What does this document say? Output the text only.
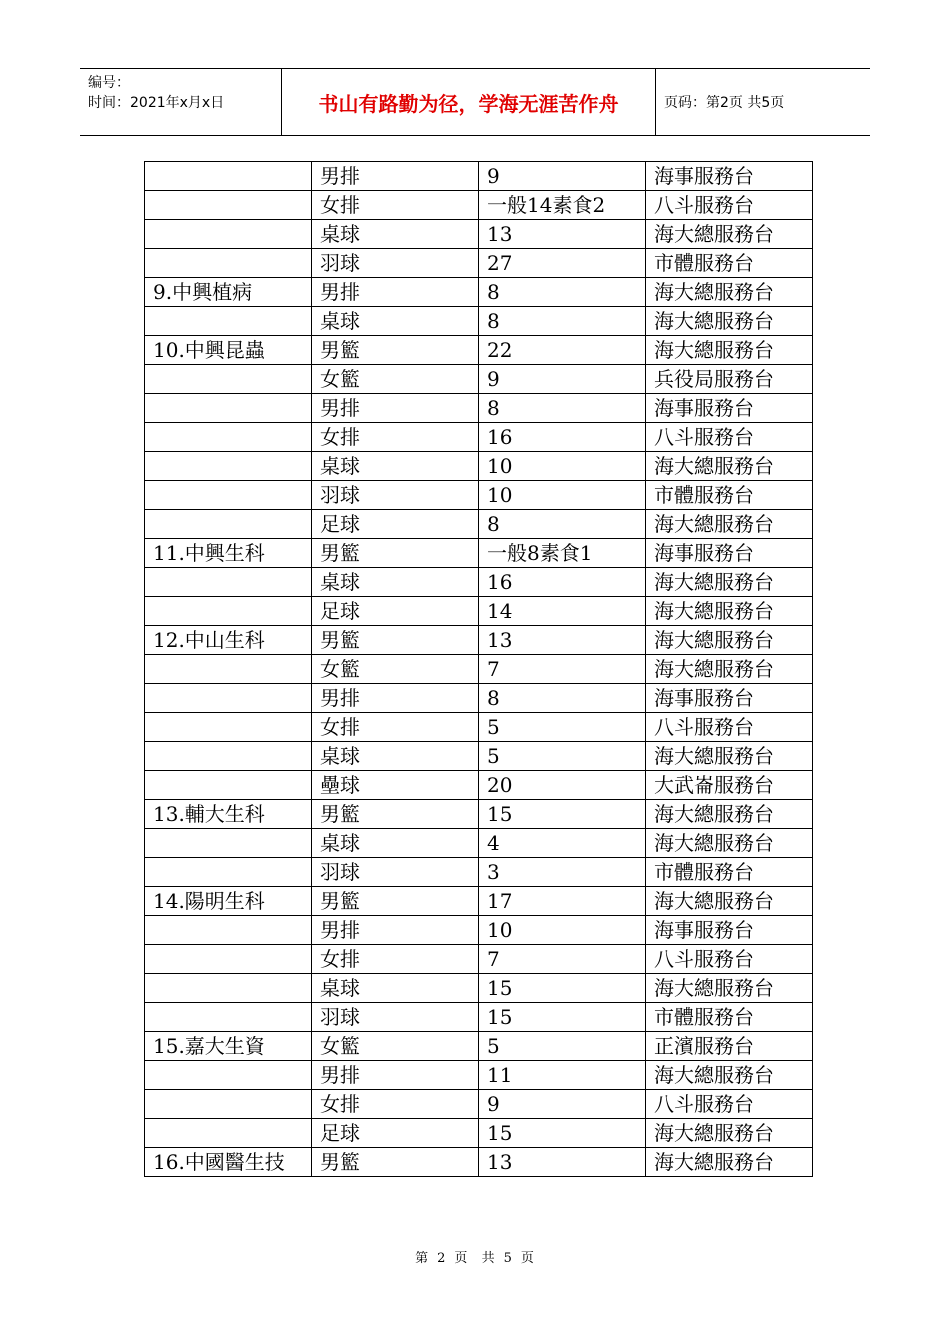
编号：
时间：2021年x月x日	书山有路勤为径，学海无涯苦作舟	页码：第2页 共5页
	男排	9	海事服務台
	女排	一般14素食2	八斗服務台
	桌球	13	海大總服務台
	羽球	27	市體服務台
9.中興植病	男排	8	海大總服務台
	桌球	8	海大總服務台
10.中興昆蟲	男籃	22	海大總服務台
	女籃	9	兵役局服務台
	男排	8	海事服務台
	女排	16	八斗服務台
	桌球	10	海大總服務台
	羽球	10	市體服務台
	足球	8	海大總服務台
11.中興生科	男籃	一般8素食1	海事服務台
	桌球	16	海大總服務台
	足球	14	海大總服務台
12.中山生科	男籃	13	海大總服務台
	女籃	7	海大總服務台
	男排	8	海事服務台
	女排	5	八斗服務台
	桌球	5	海大總服務台
	壘球	20	大武崙服務台
13.輔大生科	男籃	15	海大總服務台
	桌球	4	海大總服務台
	羽球	3	市體服務台
14.陽明生科	男籃	17	海大總服務台
	男排	10	海事服務台
	女排	7	八斗服務台
	桌球	15	海大總服務台
	羽球	15	市體服務台
15.嘉大生資	女籃	5	正濱服務台
	男排	11	海大總服務台
	女排	9	八斗服務台
	足球	15	海大總服務台
16.中國醫生技	男籃	13	海大總服務台
第 2 页 共 5 页
